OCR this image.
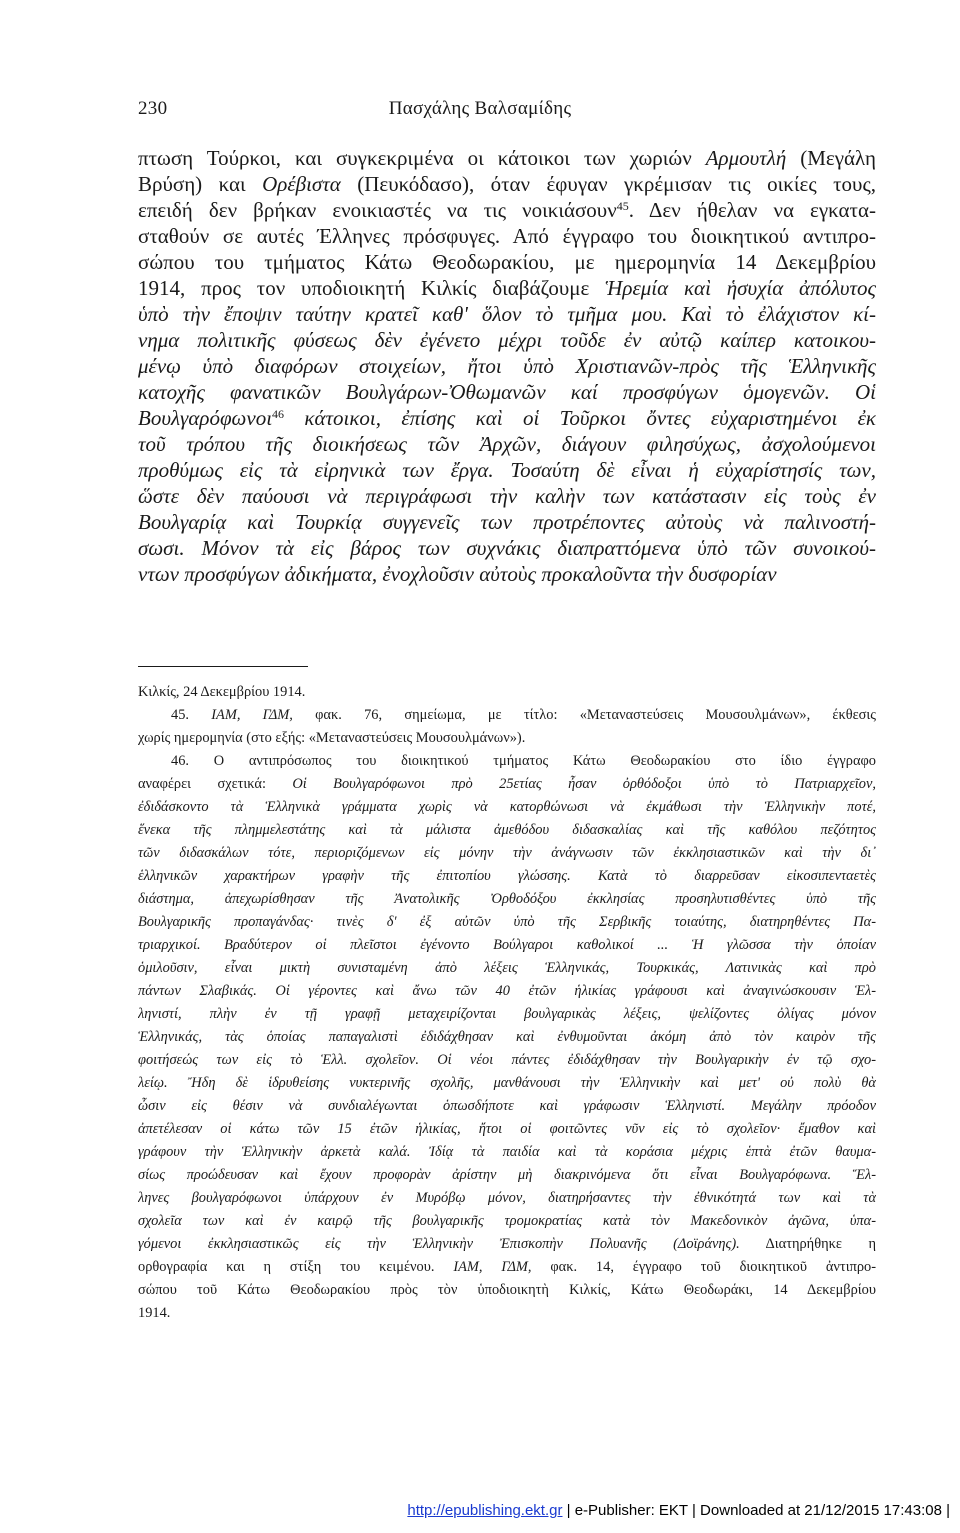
230	Πασχάλης Βαλσαμίδης
πτωση Τούρκοι, και συγκεκριμένα οι κάτοικοι των χωριών Αρμουτλή (Μεγάλη
Βρύση) και Ορέβιστα (Πευκόδασο), όταν έφυγαν γκρέμισαν τις οικίες τους,
επειδή δεν βρήκαν ενοικιαστές να τις νοικιάσουν$^{45}$. Δεν ήθελαν να εγκατα-
σταθούν σε αυτές Έλληνες πρόσφυγες. Από έγγραφο του διοικητικού αντιπρο-
σώπου του τμήματος Κάτω Θεοδωρακίου, με ημερομηνία 14 Δεκεμβρίου
1914, προς τον υποδιοικητή Κιλκίς διαβάζουμε Ἡρεμία καὶ ἡσυχία ἀπόλυτος
ὑπὸ τὴν ἔποψιν ταύτην κρατεῖ καθ' ὅλον τὸ τμῆμα μου. Καὶ τὸ ἐλάχιστον κί-
νημα πολιτικῆς φύσεως δὲν ἐγένετο μέχρι τοῦδε ἐν αὐτῷ καίπερ κατοικου-
μένῳ ὑπὸ διαφόρων στοιχείων, ἤτοι ὑπὸ Χριστιανῶν-πρὸς τῆς Ἑλληνικῆς
κατοχῆς φανατικῶν Βουλγάρων-Ὀθωμανῶν καί προσφύγων ὁμογενῶν. Οἱ
Βουλγαρόφωνοι$^{46}$ κάτοικοι, ἐπίσης καὶ οἱ Τοῦρκοι ὄντες εὐχαριστημένοι ἐκ
τοῦ τρόπου τῆς διοικήσεως τῶν Ἀρχῶν, διάγουν φιλησύχως, ἀσχολούμενοι
προθύμως εἰς τὰ εἰρηνικὰ των ἔργα. Τοσαύτη δὲ εἶναι ἡ εὐχαρίστησίς των,
ὥστε δὲν παύουσι νὰ περιγράφωσι τὴν καλὴν των κατάστασιν εἰς τοὺς ἐν
Βουλγαρίᾳ καὶ Τουρκίᾳ συγγενεῖς των προτρέποντες αὐτοὺς νὰ παλινοστή-
σωσι. Μόνον τὰ εἰς βάρος των συχνάκις διαπραττόμενα ὑπὸ τῶν συνοικού-
ντων προσφύγων ἀδικήματα, ἐνοχλοῦσιν αὐτοὺς προκαλοῦντα τὴν δυσφορίαν
Κιλκίς, 24 Δεκεμβρίου 1914.
45. ΙΑΜ, ΓΔΜ, φακ. 76, σημείωμα, με τίτλο: «Μεταναστεύσεις Μουσουλμάνων», έκθεσις
χωρίς ημερομηνία (στο εξής: «Μεταναστεύσεις Μουσουλμάνων»).
46. Ο αντιπρόσωπος του διοικητικού τμήματος Κάτω Θεοδωρακίου στο ίδιο έγγραφο
αναφέρει σχετικά: Οἱ Βουλγαρόφωνοι πρὸ 25ετίας ἦσαν ὀρθόδοξοι ὑπὸ τὸ Πατριαρχεῖον,
ἐδιδάσκοντο τὰ Ἑλληνικὰ γράμματα χωρὶς νὰ κατορθώνωσι νὰ ἐκμάθωσι τὴν Ἑλληνικὴν ποτέ,
ἕνεκα τῆς πλημμελεστάτης καὶ τὰ μάλιστα ἀμεθόδου διδασκαλίας καὶ τῆς καθόλου πεζότητος
τῶν διδασκάλων τότε, περιοριζόμενων εἰς μόνην τὴν ἀνάγνωσιν τῶν ἐκκλησιαστικῶν καὶ τὴν δι᾽
ἑλληνικῶν χαρακτήρων γραφὴν τῆς ἐπιτοπίου γλώσσης. Κατὰ τὸ διαρρεῦσαν εἰκοσιπενταετὲς
διάστημα, ἀπεχωρίσθησαν τῆς Ἀνατολικῆς Ὀρθοδόξου ἐκκλησίας προσηλυτισθέντες ὑπὸ τῆς
Βουλγαρικῆς προπαγάνδας· τινὲς δ' ἐξ αὐτῶν ὑπὸ τῆς Σερβικῆς τοιαύτης, διατηρηθέντες Πα-
τριαρχικοί. Βραδύτερον οἱ πλεῖστοι ἐγένοντο Βούλγαροι καθολικοί ... Ἡ γλῶσσα τὴν ὁποίαν
ὁμιλοῦσιν, εἶναι μικτὴ συνισταμένη ἀπὸ λέξεις Ἑλληνικάς, Τουρκικάς, Λατινικὰς καὶ πρὸ
πάντων Σλαβικάς. Οἱ γέροντες καὶ ἄνω τῶν 40 ἐτῶν ἡλικίας γράφουσι καὶ ἀναγινώσκουσιν Ἑλ-
ληνιστί, πλὴν ἐν τῇ γραφῇ μεταχειρίζονται βουλγαρικὰς λέξεις, ψελίζοντες ὀλίγας μόνον
Ἑλληνικάς, τὰς ὁποίας παπαγαλιστὶ ἐδιδάχθησαν καὶ ἐνθυμοῦνται ἀκόμη ἀπὸ τὸν καιρὸν τῆς
φοιτήσεώς των εἰς τὸ Ἑλλ. σχολεῖον. Οἱ νέοι πάντες ἐδιδάχθησαν τὴν Βουλγαρικὴν ἐν τῷ σχο-
λείῳ. Ἤδη δὲ ἱδρυθείσης νυκτερινῆς σχολῆς, μανθάνουσι τὴν Ἑλληνικὴν καὶ μετ' οὐ πολὺ θὰ
ὦσιν εἰς θέσιν νὰ συνδιαλέγωνται ὁπωσδήποτε καὶ γράφωσιν Ἑλληνιστί. Μεγάλην πρόοδον
ἀπετέλεσαν οἱ κάτω τῶν 15 ἐτῶν ἡλικίας, ἤτοι οἱ φοιτῶντες νῦν εἰς τὸ σχολεῖον· ἔμαθον καὶ
γράφουν τὴν Ἑλληνικὴν ἀρκετὰ καλά. Ἰδίᾳ τὰ παιδία καὶ τὰ κοράσια μέχρις ἑπτὰ ἐτῶν θαυμα-
σίως προώδευσαν καὶ ἔχουν προφορὰν ἀρίστην μὴ διακρινόμενα ὅτι εἶναι Βουλγαρόφωνα. Ἕλ-
ληνες βουλγαρόφωνοι ὑπάρχουν ἐν Μυρόβῳ μόνον, διατηρήσαντες τὴν ἐθνικότητά των καὶ τὰ
σχολεῖα των καὶ ἐν καιρῷ τῆς βουλγαρικῆς τρομοκρατίας κατὰ τὸν Μακεδονικὸν ἀγῶνα, ὑπα-
γόμενοι ἐκκλησιαστικῶς εἰς τὴν Ἑλληνικὴν Ἐπισκοπὴν Πολυανῆς (Δοϊράνης). Διατηρήθηκε η
ορθογραφία και η στίξη του κειμένου. ΙΑΜ, ΓΔΜ, φακ. 14, έγγραφο τοῦ διοικητικοῦ ἀντιπρο-
σώπου τοῦ Κάτω Θεοδωρακίου πρὸς τὸν ὑποδιοικητὴ Κιλκίς, Κάτω Θεοδωράκι, 14 Δεκεμβρίου
1914.
http://epublishing.ekt.gr | e-Publisher: EKT | Downloaded at 21/12/2015 17:43:08 |
